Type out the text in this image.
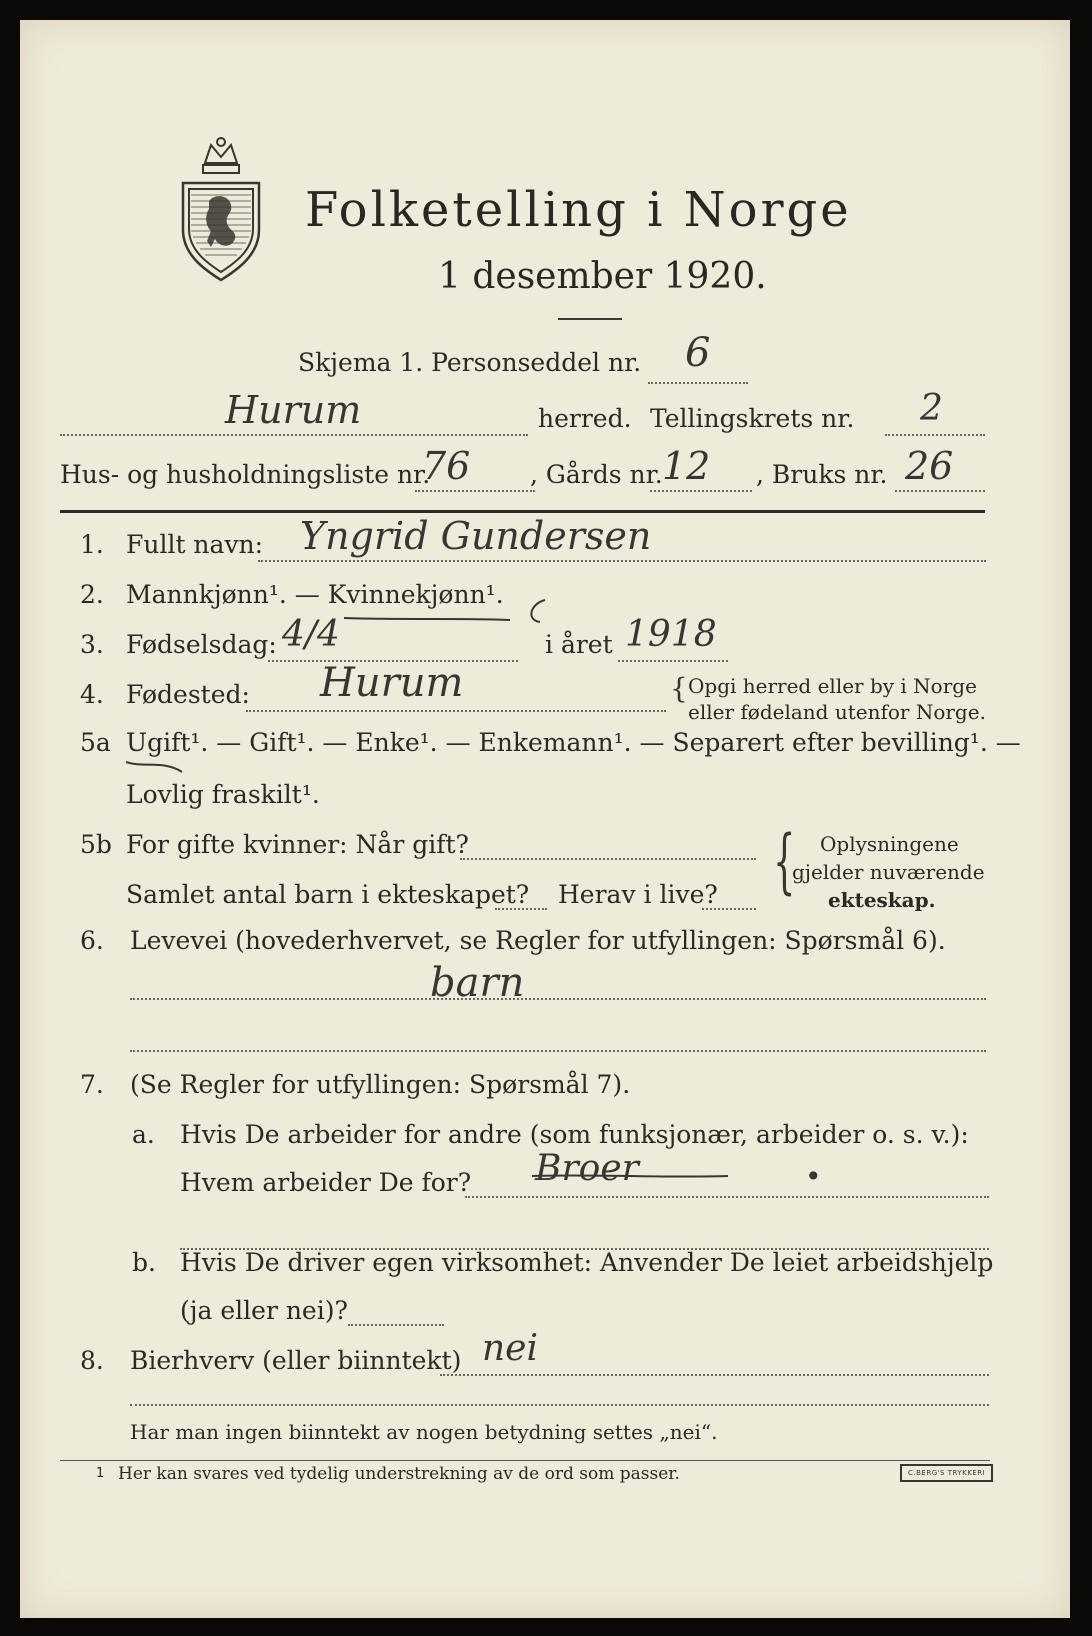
Folketelling i Norge
1 desember 1920.
Skjema 1. Personseddel nr. 6
Hurum	herred. Tellingskrets nr. 2
Hus- og husholdningsliste nr.
76 , Gårds nr. 12 , Bruks nr. 26
1. Fullt navn: Yngrid Gundersen
2. Mannkjønn¹. — Kvinnekjønn¹.
3. Fødselsdag: 4/4	i året 1918
4. Fødested: Hurum	{ Opgi herred eller by i Norge
eller fødeland utenfor Norge.
5a Ugift¹. — Gift¹. — Enke¹. — Enkemann¹. — Separert efter bevilling¹. —
Lovlig fraskilt¹.
5b For gifte kvinner: Når gift?
Samlet antal barn i ekteskapet? Herav i live? { Oplysningene
gjelder nuværende
ekteskap.
6. Levevei (hovederhvervet, se Regler for utfyllingen: Spørsmål 6).
barn
7. (Se Regler for utfyllingen: Spørsmål 7).
a. Hvis De arbeider for andre (som funksjonær, arbeider o. s. v.):
Hvem arbeider De for? Broer	•
b. Hvis De driver egen virksomhet: Anvender De leiet arbeidshjelp
(ja eller nei)?
8. Bierhverv (eller biinntekt) nei
Har man ingen biinntekt av nogen betydning settes „nei“.
1 Her kan svares ved tydelig understrekning av de ord som passer.	C.BERG'S TRYKKERI
